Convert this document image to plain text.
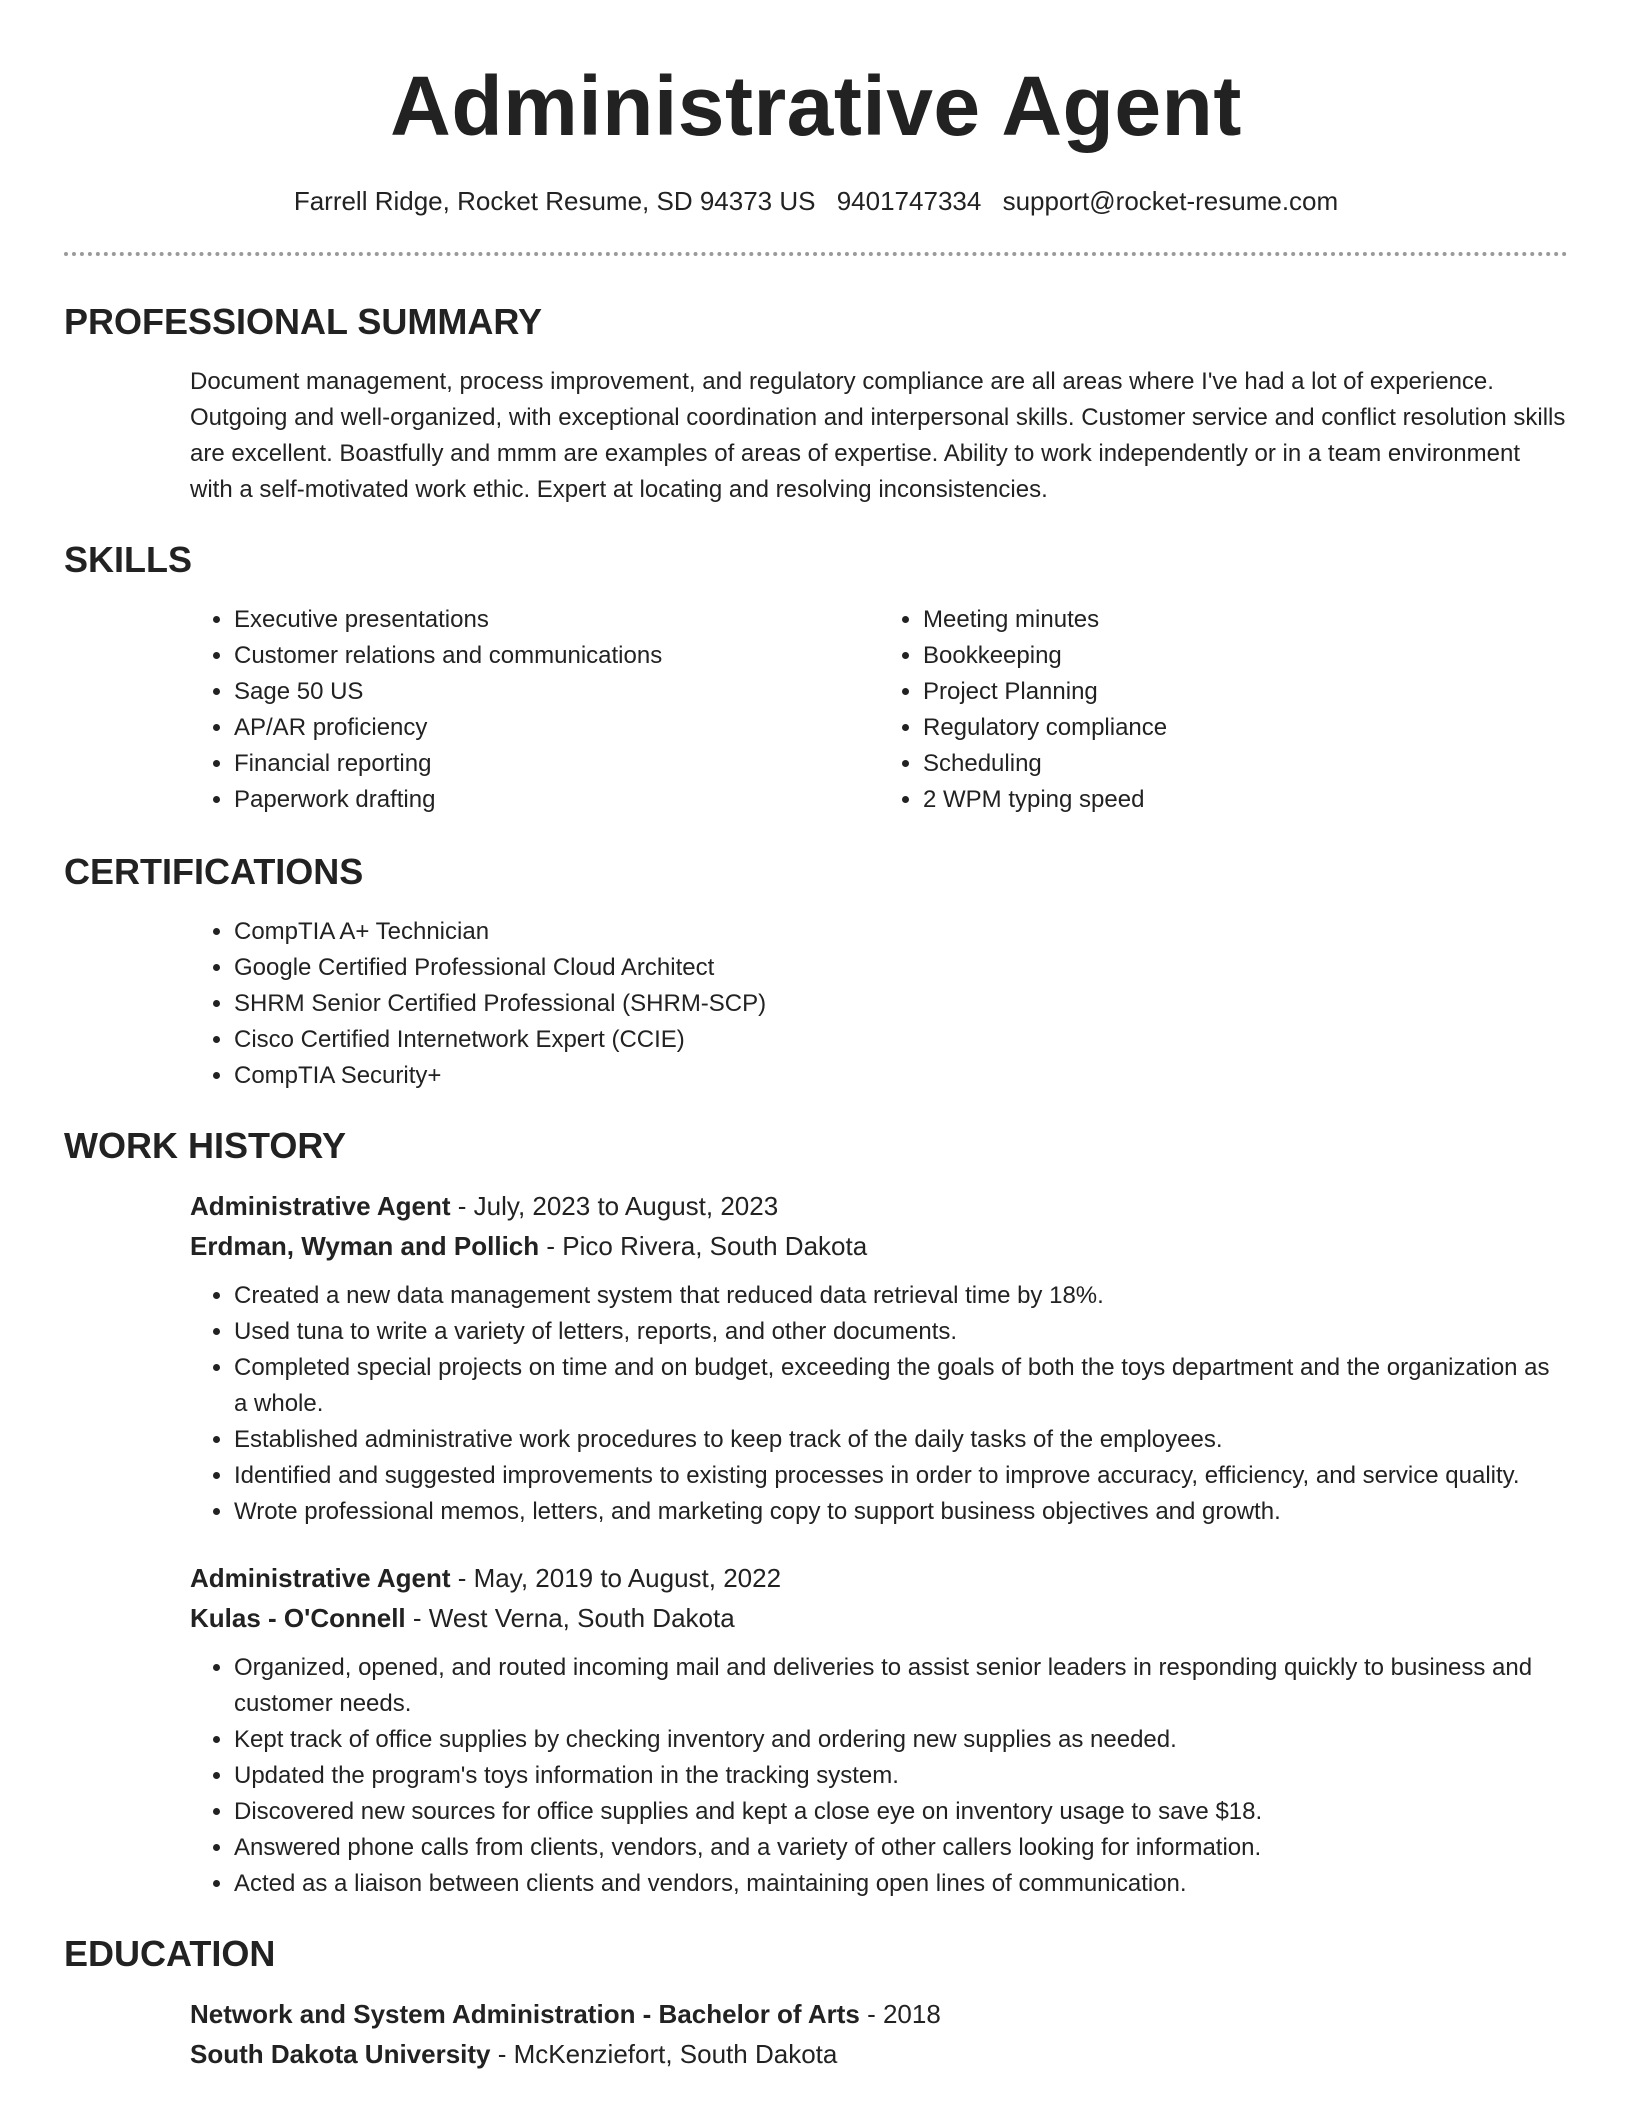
Administrative Agent
Farrell Ridge, Rocket Resume, SD 94373 US 9401747334 support@rocket-resume.com
PROFESSIONAL SUMMARY

Document management, process improvement, and regulatory compliance are all areas where I've had a lot of experience. Outgoing and well-organized, with exceptional coordination and interpersonal skills. Customer service and conflict resolution skills are excellent. Boastfully and mmm are examples of areas of expertise. Ability to work independently or in a team environment with a self-motivated work ethic. Expert at locating and resolving inconsistencies.

SKILLS
• Executive presentations
• Customer relations and communications
• Sage 50 US
• AP/AR proficiency
• Financial reporting
• Paperwork drafting
• Meeting minutes
• Bookkeeping
• Project Planning
• Regulatory compliance
• Scheduling
• 2 WPM typing speed
CERTIFICATIONS
• CompTIA A+ Technician
• Google Certified Professional Cloud Architect
• SHRM Senior Certified Professional (SHRM-SCP)
• Cisco Certified Internetwork Expert (CCIE)
• CompTIA Security+
WORK HISTORY
Administrative Agent - July, 2023 to August, 2023
Erdman, Wyman and Pollich - Pico Rivera, South Dakota
• Created a new data management system that reduced data retrieval time by 18%.
• Used tuna to write a variety of letters, reports, and other documents.
• Completed special projects on time and on budget, exceeding the goals of both the toys department and the organization as a whole.
• Established administrative work procedures to keep track of the daily tasks of the employees.
• Identified and suggested improvements to existing processes in order to improve accuracy, efficiency, and service quality.
• Wrote professional memos, letters, and marketing copy to support business objectives and growth.
Administrative Agent - May, 2019 to August, 2022
Kulas - O'Connell - West Verna, South Dakota
• Organized, opened, and routed incoming mail and deliveries to assist senior leaders in responding quickly to business and customer needs.
• Kept track of office supplies by checking inventory and ordering new supplies as needed.
• Updated the program's toys information in the tracking system.
• Discovered new sources for office supplies and kept a close eye on inventory usage to save $18.
• Answered phone calls from clients, vendors, and a variety of other callers looking for information.
• Acted as a liaison between clients and vendors, maintaining open lines of communication.
EDUCATION
Network and System Administration - Bachelor of Arts - 2018
South Dakota University - McKenziefort, South Dakota
